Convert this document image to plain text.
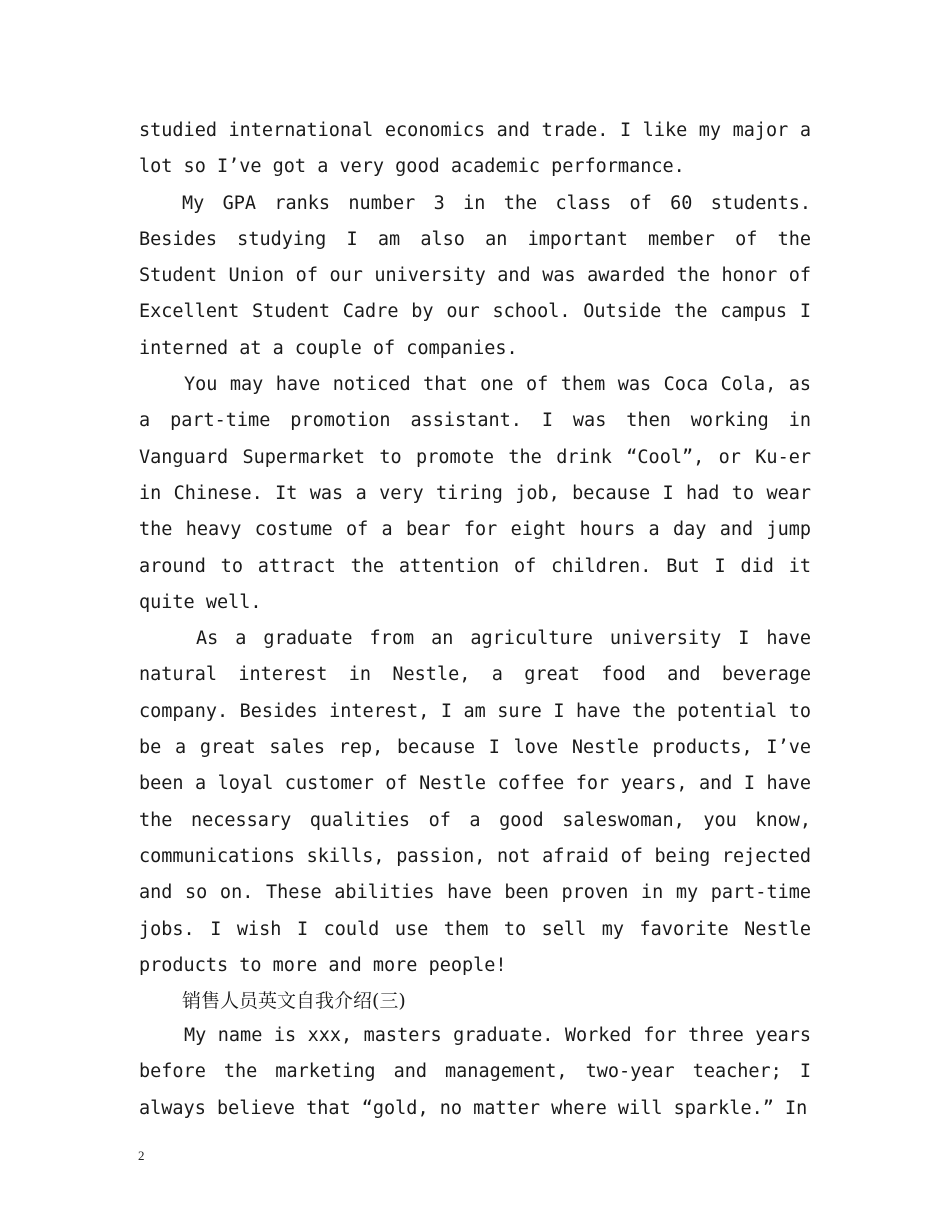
studied international economics and trade. I like my major a lot so I’ve got a very good academic performance.

My GPA ranks number 3 in the class of 60 students. Besides studying I am also an important member of the Student Union of our university and was awarded the honor of Excellent Student Cadre by our school. Outside the campus I interned at a couple of companies.

You may have noticed that one of them was Coca Cola, as a part-time promotion assistant. I was then working in Vanguard Supermarket to promote the drink “Cool”, or Ku-er in Chinese. It was a very tiring job, because I had to wear the heavy costume of a bear for eight hours a day and jump around to attract the attention of children. But I did it quite well.

As a graduate from an agriculture university I have natural interest in Nestle, a great food and beverage company. Besides interest, I am sure I have the potential to be a great sales rep, because I love Nestle products, I’ve been a loyal customer of Nestle coffee for years, and I have the necessary qualities of a good saleswoman, you know, communications skills, passion, not afraid of being rejected and so on. These abilities have been proven in my part-time jobs. I wish I could use them to sell my favorite Nestle products to more and more people!

销售人员英文自我介绍(三)

My name is xxx, masters graduate. Worked for three years before the marketing and management, two-year teacher; I always believe that “gold, no matter where will sparkle.” In

2
